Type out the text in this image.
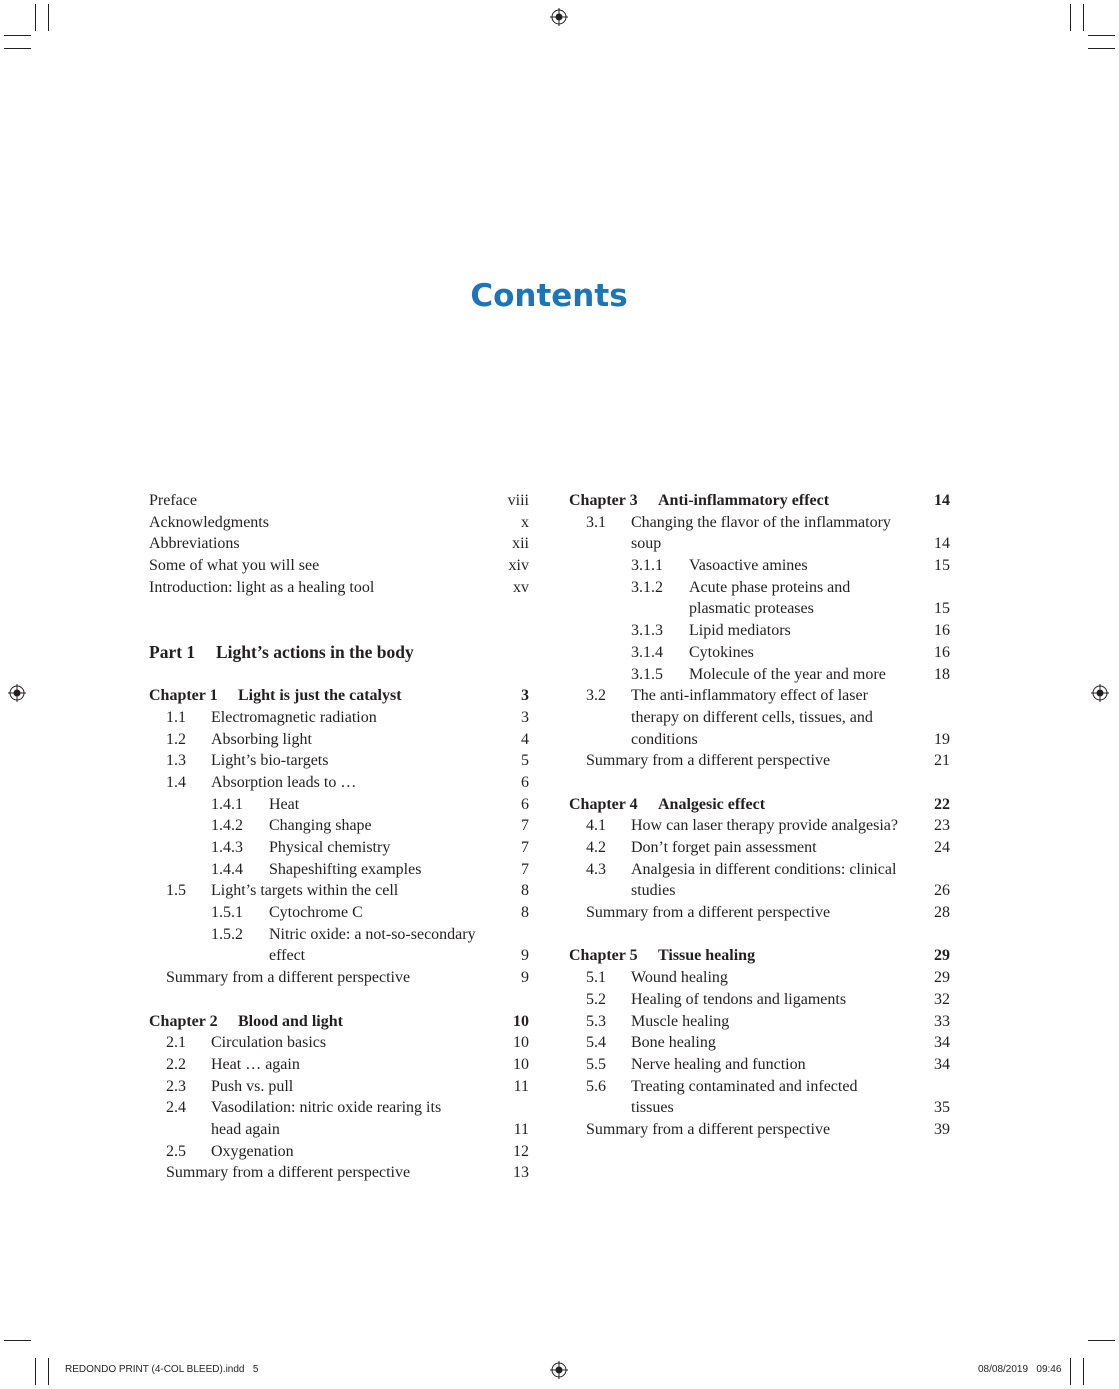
Contents
Preface	viii
Acknowledgments	x
Abbreviations	xii
Some of what you will see	xiv
Introduction: light as a healing tool	xv
Part 1 Light’s actions in the body
Chapter 1 Light is just the catalyst	3
1.1 Electromagnetic radiation	3
1.2 Absorbing light	4
1.3 Light’s bio-targets	5
1.4 Absorption leads to …	6
1.4.1 Heat	6
1.4.2 Changing shape	7
1.4.3 Physical chemistry	7
1.4.4 Shapeshifting examples	7
1.5 Light’s targets within the cell	8
1.5.1 Cytochrome C	8
1.5.2 Nitric oxide: a not-so-secondary
effect	9
Summary from a different perspective	9
Chapter 2 Blood and light	10
2.1 Circulation basics	10
2.2 Heat … again	10
2.3 Push vs. pull	11
2.4 Vasodilation: nitric oxide rearing its
head again	11
2.5 Oxygenation	12
Summary from a different perspective	13
Chapter 3 Anti-inflammatory effect	14
3.1 Changing the flavor of the inflammatory
soup	14
3.1.1 Vasoactive amines	15
3.1.2 Acute phase proteins and
plasmatic proteases	15
3.1.3 Lipid mediators	16
3.1.4 Cytokines	16
3.1.5 Molecule of the year and more	18
3.2 The anti-inflammatory effect of laser
therapy on different cells, tissues, and
conditions	19
Summary from a different perspective	21
Chapter 4 Analgesic effect	22
4.1 How can laser therapy provide analgesia? 23
4.2 Don’t forget pain assessment	24
4.3 Analgesia in different conditions: clinical
studies	26
Summary from a different perspective	28
Chapter 5 Tissue healing	29
5.1 Wound healing	29
5.2 Healing of tendons and ligaments	32
5.3 Muscle healing	33
5.4 Bone healing	34
5.5 Nerve healing and function	34
5.6 Treating contaminated and infected
tissues	35
Summary from a different perspective	39
REDONDO PRINT (4-COL BLEED).indd   5	08/08/2019   09:46
